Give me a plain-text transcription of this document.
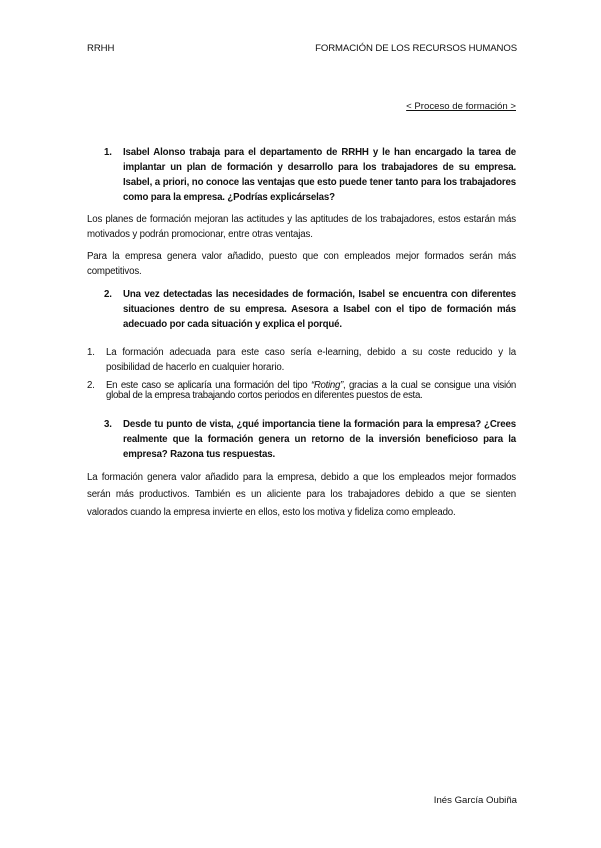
RRHH	FORMACIÓN DE LOS RECURSOS HUMANOS
< Proceso de formación >
1.	Isabel Alonso trabaja para el departamento de RRHH y le han encargado la tarea de implantar un plan de formación y desarrollo para los trabajadores de su empresa. Isabel, a priori, no conoce las ventajas que esto puede tener tanto para los trabajadores como para la empresa. ¿Podrías explicárselas?
Los planes de formación mejoran las actitudes y las aptitudes de los trabajadores, estos estarán más motivados y podrán promocionar, entre otras ventajas.
Para la empresa genera valor añadido, puesto que con empleados mejor formados serán más competitivos.
2.	Una vez detectadas las necesidades de formación, Isabel se encuentra con diferentes situaciones dentro de su empresa. Asesora a Isabel con el tipo de formación más adecuado por cada situación y explica el porqué.
1. La formación adecuada para este caso sería e-learning, debido a su coste reducido y la posibilidad de hacerlo en cualquier horario.
2. En este caso se aplicaría una formación del tipo “Roting”, gracias a la cual se consigue una visión global de la empresa trabajando cortos periodos en diferentes puestos de esta.
3.	Desde tu punto de vista, ¿qué importancia tiene la formación para la empresa? ¿Crees realmente que la formación genera un retorno de la inversión beneficioso para la empresa? Razona tus respuestas.
La formación genera valor añadido para la empresa, debido a que los empleados mejor formados serán más productivos. También es un aliciente para los trabajadores debido a que se sienten valorados cuando la empresa invierte en ellos, esto los motiva y fideliza como empleado.
Inés García Oubiña
